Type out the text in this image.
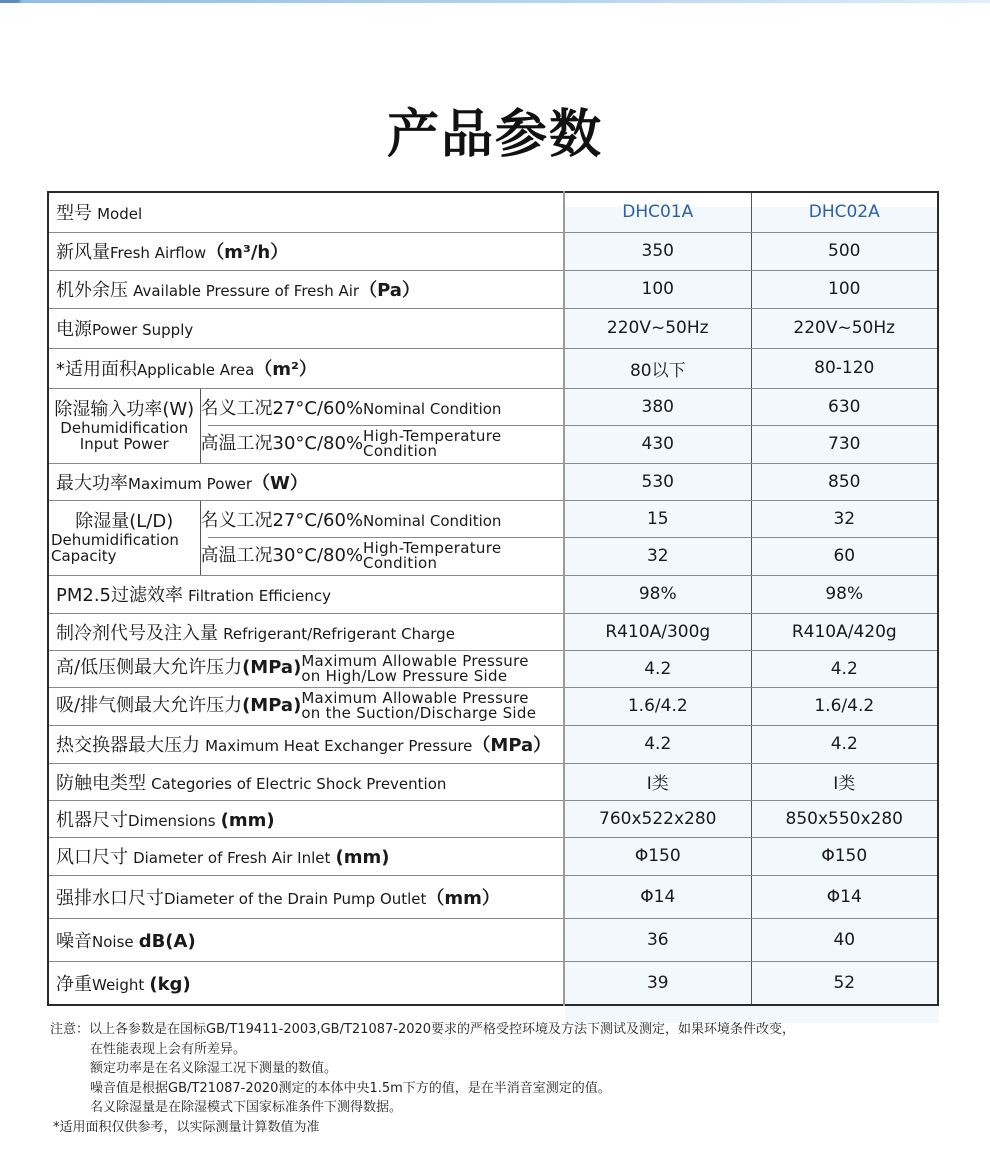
产品参数
型号 Model		DHC01A	DHC02A
新风量Fresh Airflow（m³/h）		350	500
机外余压 Available Pressure of Fresh Air（Pa）		100	100
电源Power Supply		220V~50Hz	220V~50Hz
*适用面积Applicable Area（m²）		80以下	80-120

除湿输入功率(W)
Dehumidification
Input Power	名义工况27°C/60%Nominal Condition	380	630

高温工况30°C/80%High-Temperature
Condition	430	730
最大功率Maximum Power（W）		530	850

除湿量(L/D)
Dehumidification
Capacity	名义工况27°C/60%Nominal Condition	15	32

高温工况30°C/80%High-Temperature
Condition	32	60
PM2.5过滤效率 Filtration Efficiency		98%	98%
制冷剂代号及注入量 Refrigerant/Refrigerant Charge		R410A/300g	R410A/420g
高/低压侧最大允许压力(MPa)Maximum Allowable Pressure
on High/Low Pressure Side		4.2	4.2
吸/排气侧最大允许压力(MPa)Maximum Allowable Pressure
on the Suction/Discharge Side		1.6/4.2	1.6/4.2
热交换器最大压力 Maximum Heat Exchanger Pressure（MPa）		4.2	4.2
防触电类型 Categories of Electric Shock Prevention		Ⅰ类	Ⅰ类
机器尺寸Dimensions (mm)		760x522x280	850x550x280
风口尺寸 Diameter of Fresh Air Inlet (mm)		Φ150	Φ150
强排水口尺寸Diameter of the Drain Pump Outlet（mm）		Φ14	Φ14
噪音Noise dB(A)		36	40
净重Weight (kg)		39	52
注意：以上各参数是在国标GB/T19411-2003,GB/T21087-2020要求的严格受控环境及方法下测试及测定，如果环境条件改变，
在性能表现上会有所差异。
额定功率是在名义除湿工况下测量的数值。
噪音值是根据GB/T21087-2020测定的本体中央1.5m下方的值，是在半消音室测定的值。
名义除湿量是在除湿模式下国家标准条件下测得数据。
*适用面积仅供参考，以实际测量计算数值为准
